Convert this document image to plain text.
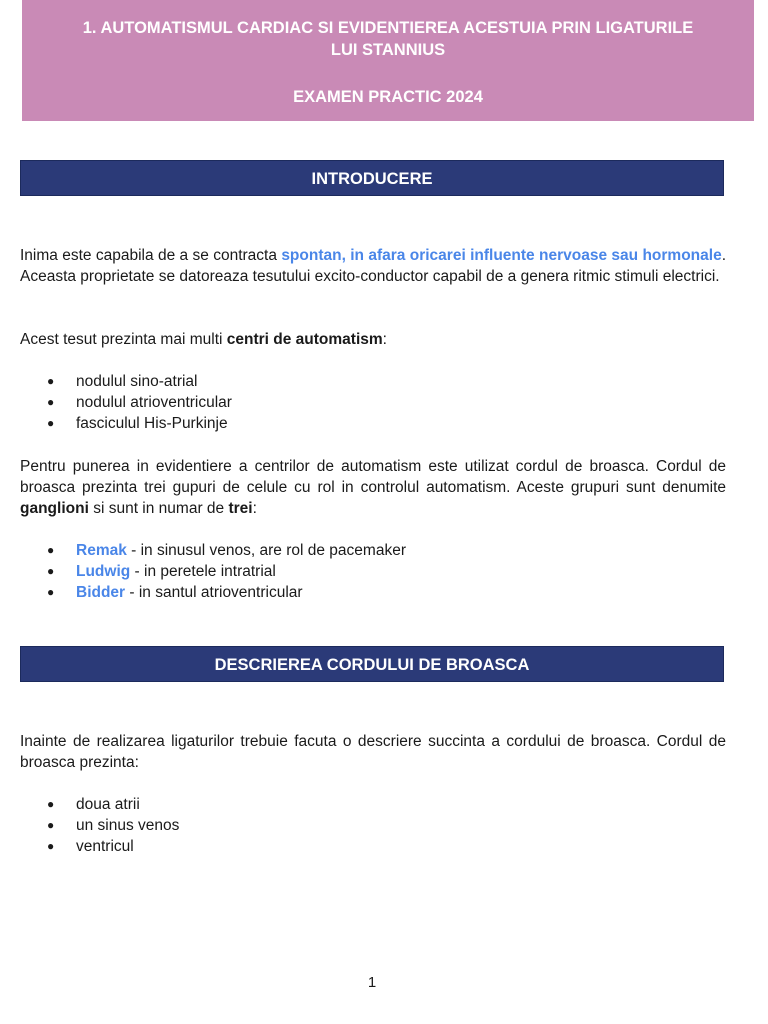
1. AUTOMATISMUL CARDIAC SI EVIDENTIEREA ACESTUIA PRIN LIGATURILE
LUI STANNIUS
EXAMEN PRACTIC 2024
INTRODUCERE

Inima este capabila de a se contracta spontan, in afara oricarei influente nervoase sau hormonale. Aceasta proprietate se datoreaza tesutului excito-conductor capabil de a genera ritmic stimuli electrici.

Acest tesut prezinta mai multi centri de automatism:

● nodulul sino-atrial
● nodulul atrioventricular
● fasciculul His-Purkinje

Pentru punerea in evidentiere a centrilor de automatism este utilizat cordul de broasca. Cordul de broasca prezinta trei gupuri de celule cu rol in controlul automatism. Aceste grupuri sunt denumite ganglioni si sunt in numar de trei:

● Remak - in sinusul venos, are rol de pacemaker
● Ludwig - in peretele intratrial
● Bidder - in santul atrioventricular
DESCRIEREA CORDULUI DE BROASCA

Inainte de realizarea ligaturilor trebuie facuta o descriere succinta a cordului de broasca. Cordul de broasca prezinta:

● doua atrii
● un sinus venos
● ventricul
1
